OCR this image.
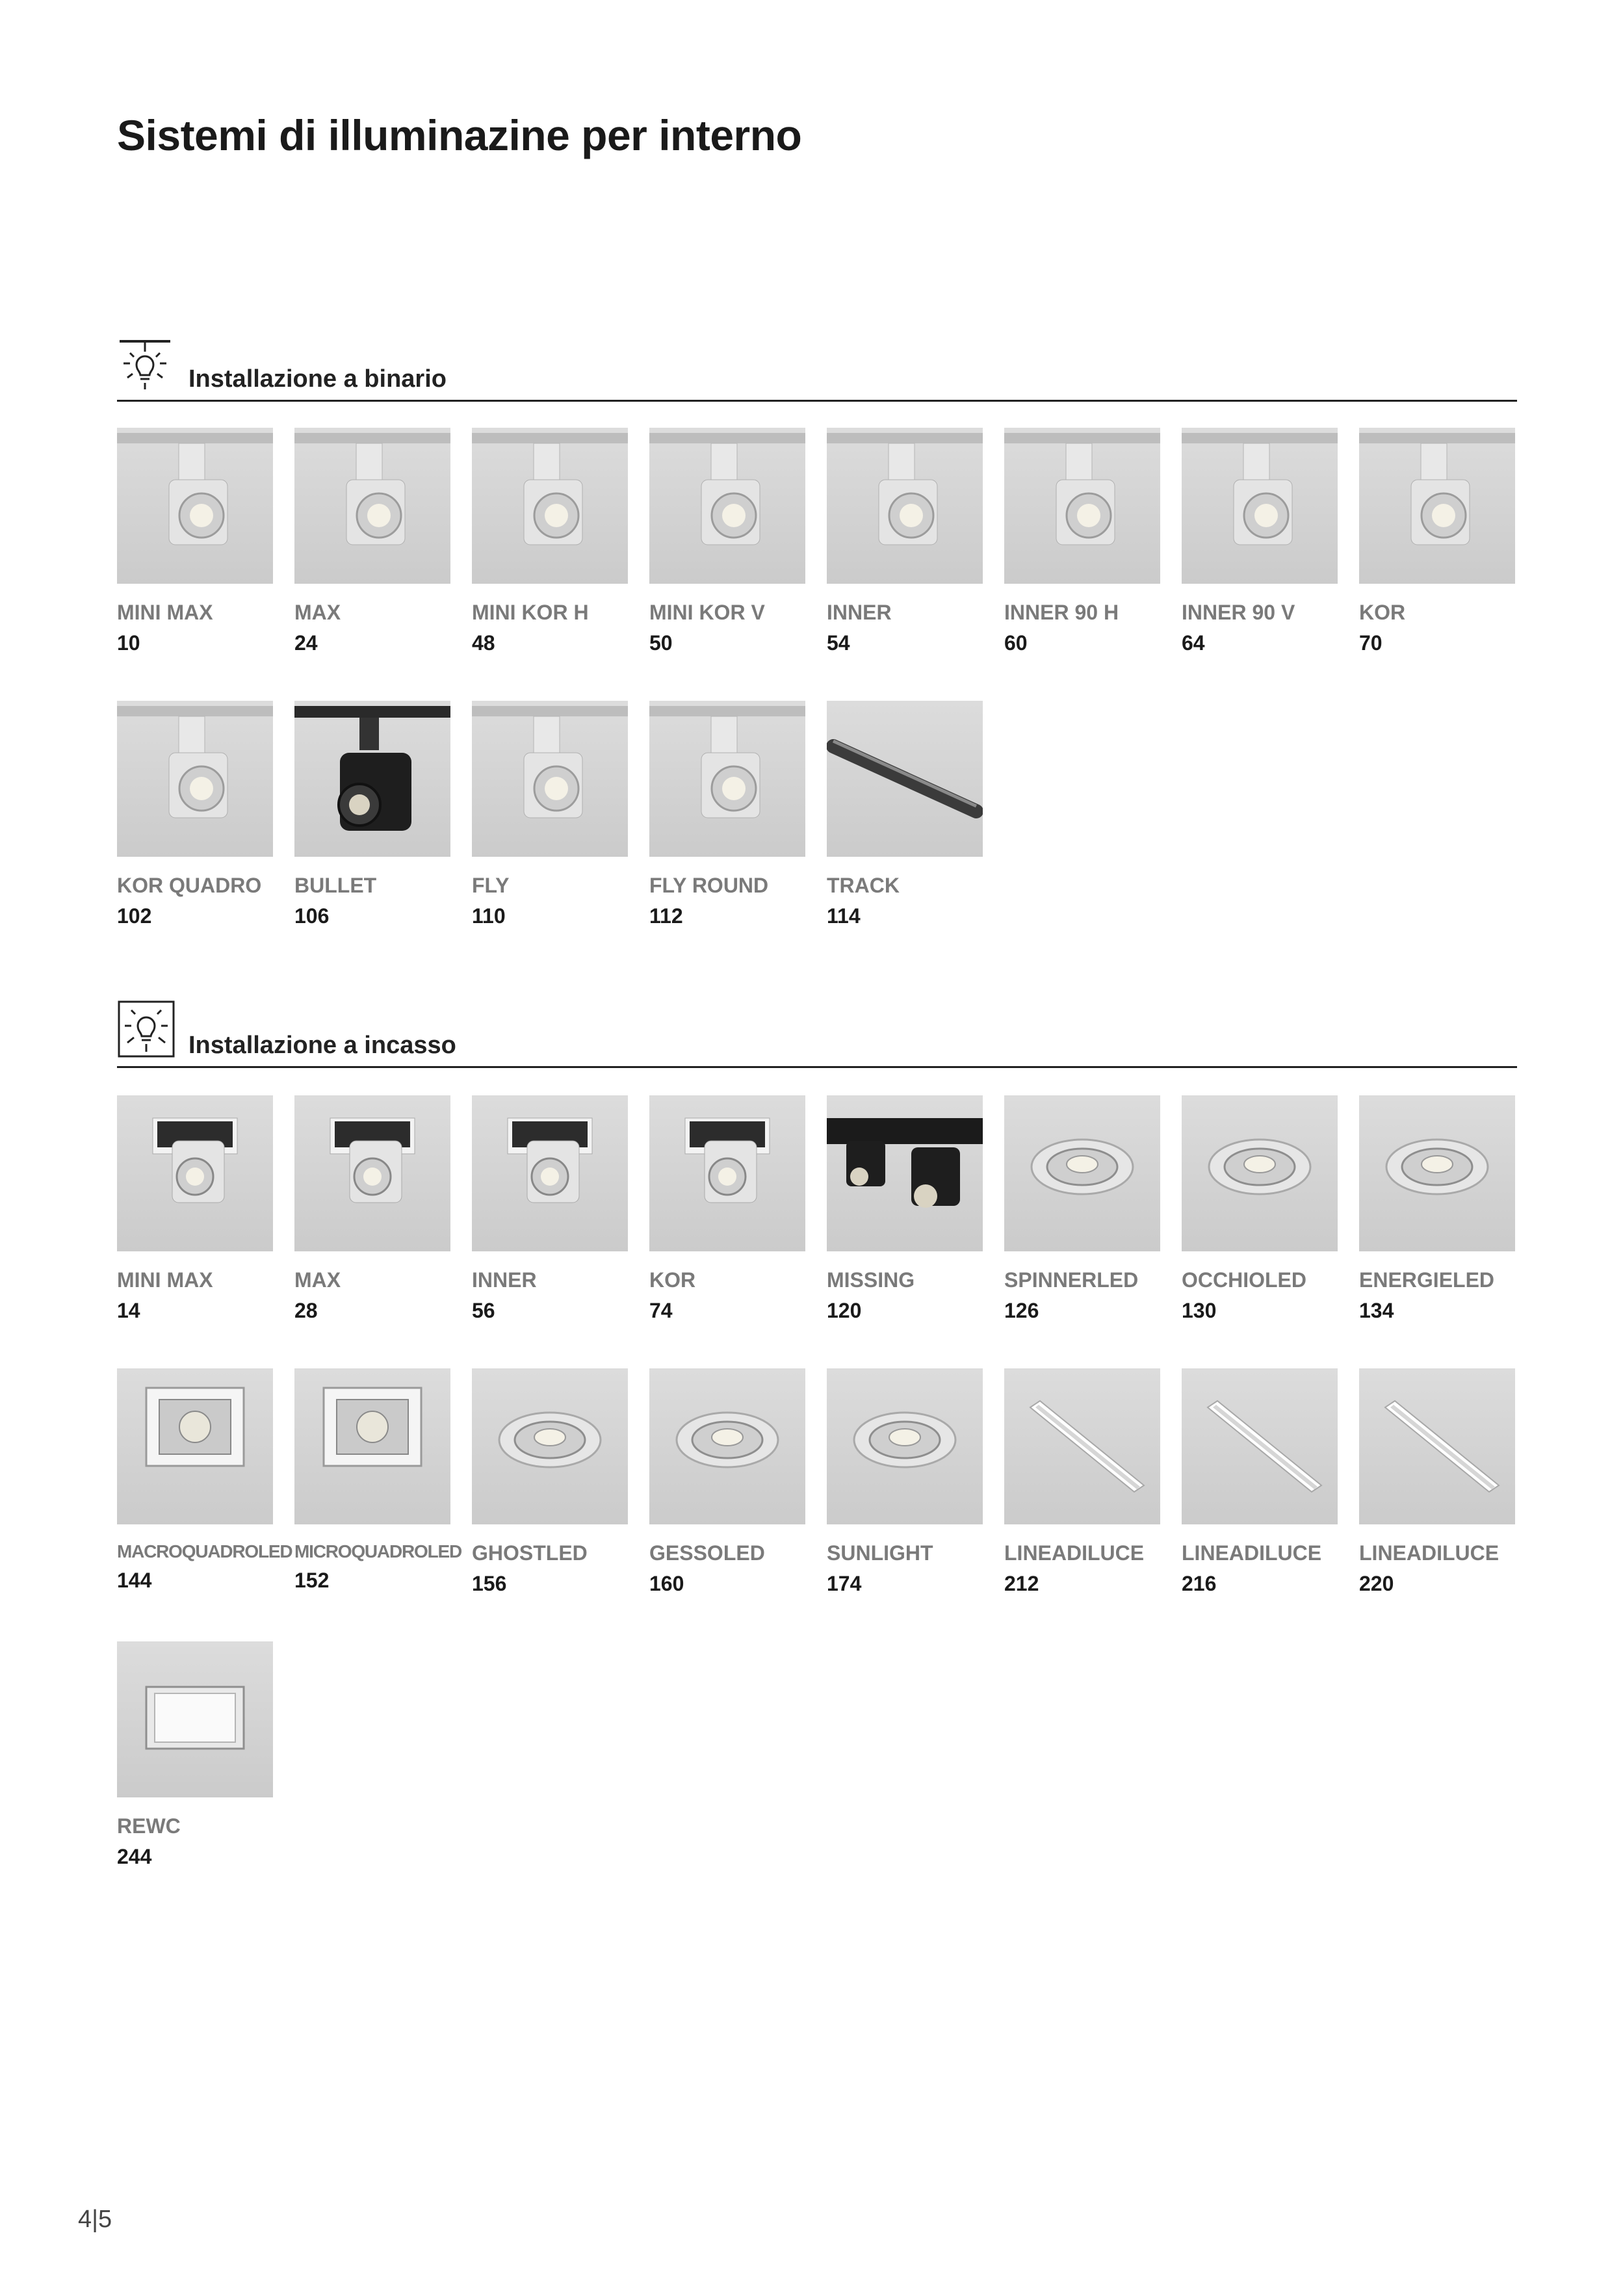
Sistemi di illuminazine per interno
Installazione a binario
MINI MAX
10
MAX
24
MINI KOR H
48
MINI KOR V
50
INNER
54
INNER 90 H
60
INNER 90 V
64
KOR
70
KOR QUADRO
102
BULLET
106
FLY
110
FLY ROUND
112
TRACK
114
Installazione a incasso
MINI MAX
14
MAX
28
INNER
56
KOR
74
MISSING
120
SPINNERLED
126
OCCHIOLED
130
ENERGIELED
134
MACROQUADROLED
144
MICROQUADROLED
152
GHOSTLED
156
GESSOLED
160
SUNLIGHT
174
LINEADILUCE
212
LINEADILUCE
216
LINEADILUCE
220
REWC
244
4|5
